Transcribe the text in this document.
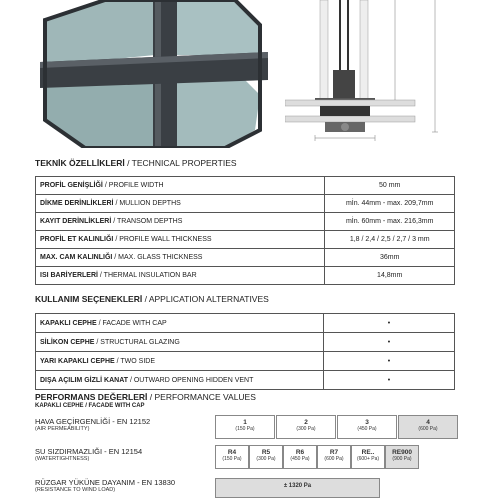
TEKNİK ÖZELLİKLERİ / TECHNICAL PROPERTIES
PROFİL GENİŞLİĞİ / PROFILE WIDTH	50 mm
DİKME DERİNLİKLERİ / MULLION DEPTHS	mİn. 44mm - max. 209,7mm
KAYIT DERİNLİKLERİ / TRANSOM DEPTHS	mİn. 60mm - max. 216,3mm
PROFİL ET KALINLIĞI / PROFILE WALL THICKNESS	1,8 / 2,4 / 2,5 / 2,7 / 3 mm
MAX. CAM KALINLIĞI / MAX. GLASS THICKNESS	36mm
ISI BARİYERLERİ / THERMAL INSULATION BAR	14,8mm
KULLANIM SEÇENEKLERİ / APPLICATION ALTERNATIVES
KAPAKLI CEPHE / FACADE WITH CAP	•
SİLİKON CEPHE / STRUCTURAL GLAZING	•
YARI KAPAKLI CEPHE / TWO SIDE	•
DIŞA AÇILIM GİZLİ KANAT / OUTWARD OPENING HIDDEN VENT	•
PERFORMANS DEĞERLERİ / PERFORMANCE VALUES
KAPAKLI CEPHE / FACADE WITH CAP
HAVA GEÇİRGENLİĞİ - EN 12152
(AIR PERMEABILITY)
1
(150 Pa)
2
(300 Pa)
3
(450 Pa)
4
(600 Pa)
SU SIZDIRMAZLIĞI - EN 12154
(WATERTIGHTNESS)
R4
(150 Pa)
R5
(300 Pa)
R6
(450 Pa)
R7
(600 Pa)
RE..
(600+ Pa)
RE900
(900 Pa)
RÜZGAR YÜKÜNE DAYANIM - EN 13830
(RESISTANCE TO WIND LOAD)
± 1320 Pa
